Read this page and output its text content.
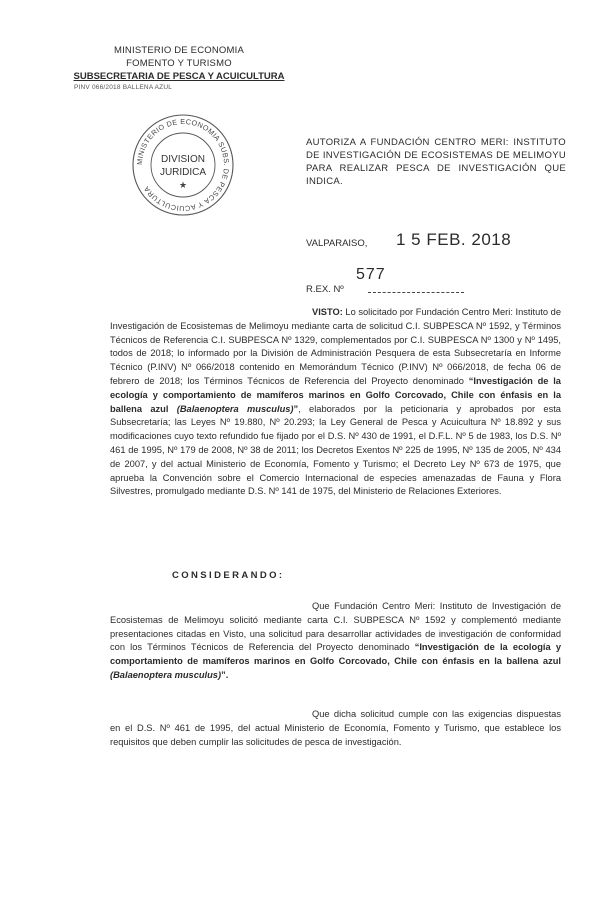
MINISTERIO DE ECONOMIA
FOMENTO Y TURISMO
SUBSECRETARIA DE PESCA Y ACUICULTURA
PINV 066/2018 BALLENA AZUL
MINISTERIO DE ECONOMIA SUBS. DE PESCA Y ACUICULTURA
DIVISION
JURIDICA
★
AUTORIZA A FUNDACIÓN CENTRO MERI: INSTITUTO DE INVESTIGACIÓN DE ECOSISTEMAS DE MELIMOYU PARA REALIZAR PESCA DE INVESTIGACIÓN QUE INDICA.
VALPARAISO, 1 5 FEB. 2018
577
R.EX. Nº
VISTO: Lo solicitado por Fundación Centro Meri: Instituto de Investigación de Ecosistemas de Melimoyu mediante carta de solicitud C.I. SUBPESCA Nº 1592, y Términos Técnicos de Referencia C.I. SUBPESCA Nº 1329, complementados por C.I. SUBPESCA Nº 1300 y Nº 1495, todos de 2018; lo informado por la División de Administración Pesquera de esta Subsecretaría en Informe Técnico (P.INV) Nº 066/2018 contenido en Memorándum Técnico (P.INV) Nº 066/2018, de fecha 06 de febrero de 2018; los Términos Técnicos de Referencia del Proyecto denominado “Investigación de la ecología y comportamiento de mamíferos marinos en Golfo Corcovado, Chile con énfasis en la ballena azul (Balaenoptera musculus)”, elaborados por la peticionaria y aprobados por esta Subsecretaría; las Leyes Nº 19.880, Nº 20.293; la Ley General de Pesca y Acuicultura Nº 18.892 y sus modificaciones cuyo texto refundido fue fijado por el D.S. Nº 430 de 1991, el D.F.L. Nº 5 de 1983, los D.S. Nº 461 de 1995, Nº 179 de 2008, Nº 38 de 2011; los Decretos Exentos Nº 225 de 1995, Nº 135 de 2005, Nº 434 de 2007, y del actual Ministerio de Economía, Fomento y Turismo; el Decreto Ley Nº 673 de 1975, que aprueba la Convención sobre el Comercio Internacional de especies amenazadas de Fauna y Flora Silvestres, promulgado mediante D.S. Nº 141 de 1975, del Ministerio de Relaciones Exteriores.
CONSIDERANDO:
Que Fundación Centro Meri: Instituto de Investigación de Ecosistemas de Melimoyu solicitó mediante carta C.I. SUBPESCA Nº 1592 y complementó mediante presentaciones citadas en Visto, una solicitud para desarrollar actividades de investigación de conformidad con los Términos Técnicos de Referencia del Proyecto denominado “Investigación de la ecología y comportamiento de mamíferos marinos en Golfo Corcovado, Chile con énfasis en la ballena azul (Balaenoptera musculus)”.
Que dicha solicitud cumple con las exigencias dispuestas en el D.S. Nº 461 de 1995, del actual Ministerio de Economía, Fomento y Turismo, que establece los requisitos que deben cumplir las solicitudes de pesca de investigación.
